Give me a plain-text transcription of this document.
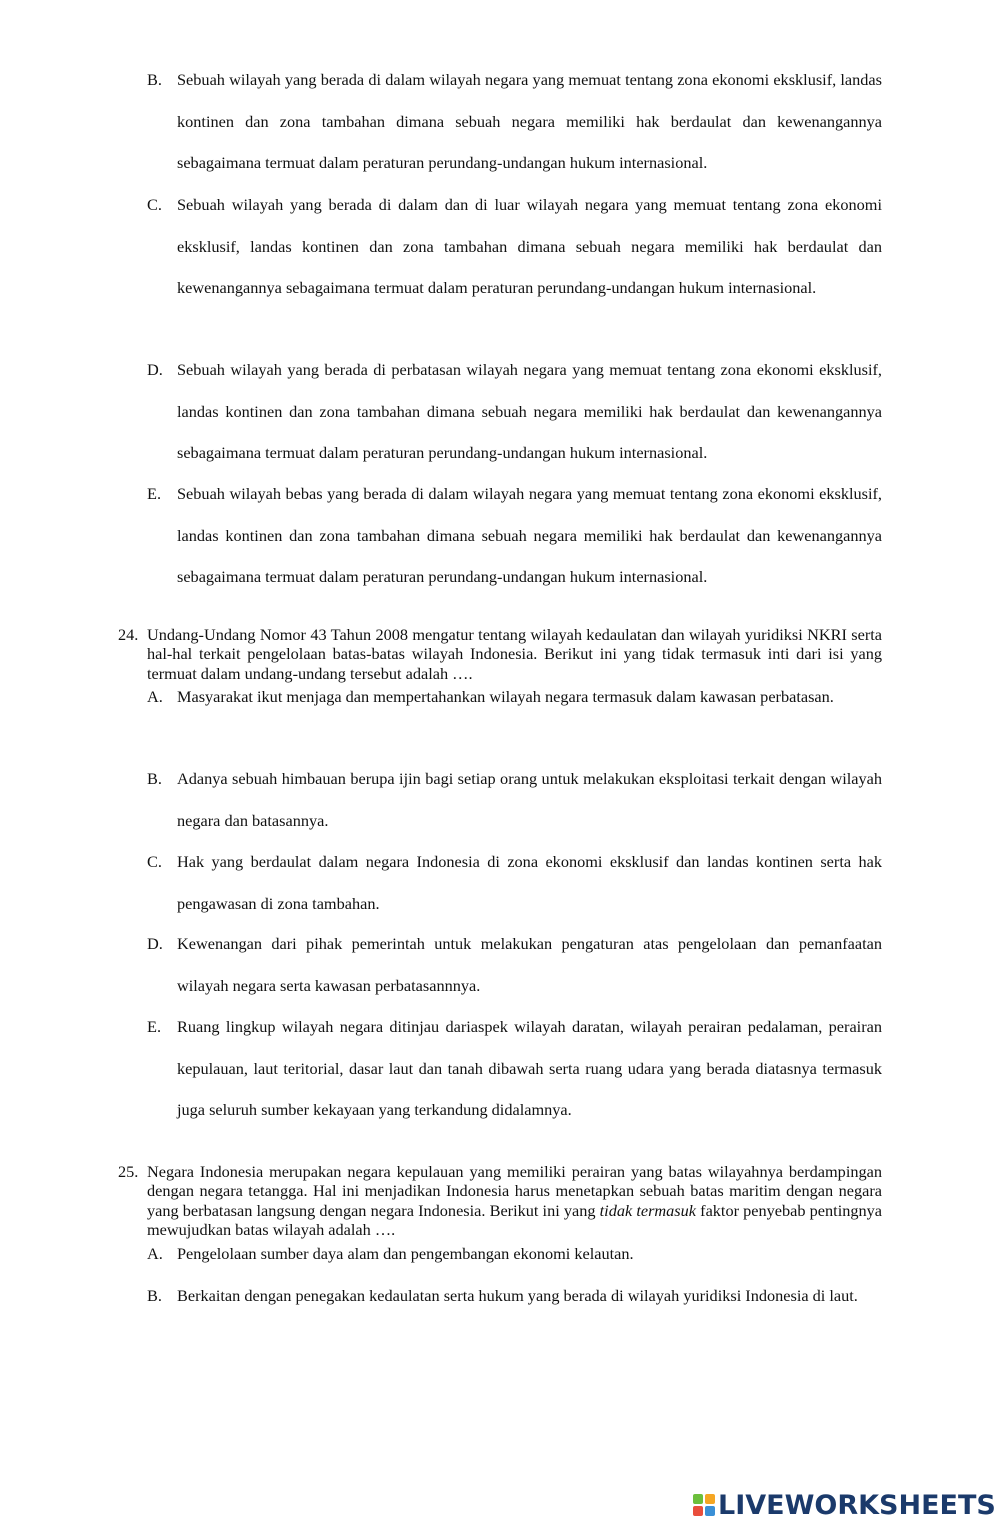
B. Sebuah wilayah yang berada di dalam wilayah negara yang memuat tentang zona ekonomi eksklusif, landas kontinen dan zona tambahan dimana sebuah negara memiliki hak berdaulat dan kewenangannya sebagaimana termuat dalam peraturan perundang-undangan hukum internasional.
C. Sebuah wilayah yang berada di dalam dan di luar wilayah negara yang memuat tentang zona ekonomi eksklusif, landas kontinen dan zona tambahan dimana sebuah negara memiliki hak berdaulat dan kewenangannya sebagaimana termuat dalam peraturan perundang-undangan hukum internasional.
D. Sebuah wilayah yang berada di perbatasan wilayah negara yang memuat tentang zona ekonomi eksklusif, landas kontinen dan zona tambahan dimana sebuah negara memiliki hak berdaulat dan kewenangannya sebagaimana termuat dalam peraturan perundang-undangan hukum internasional.
E. Sebuah wilayah bebas yang berada di dalam wilayah negara yang memuat tentang zona ekonomi eksklusif, landas kontinen dan zona tambahan dimana sebuah negara memiliki hak berdaulat dan kewenangannya sebagaimana termuat dalam peraturan perundang-undangan hukum internasional.
24. Undang-Undang Nomor 43 Tahun 2008 mengatur tentang wilayah kedaulatan dan wilayah yuridiksi NKRI serta hal-hal terkait pengelolaan batas-batas wilayah Indonesia. Berikut ini yang tidak termasuk inti dari isi yang termuat dalam undang-undang tersebut adalah ….
A. Masyarakat ikut menjaga dan mempertahankan wilayah negara termasuk dalam kawasan perbatasan.
B. Adanya sebuah himbauan berupa ijin bagi setiap orang untuk melakukan eksploitasi terkait dengan wilayah negara dan batasannya.
C. Hak yang berdaulat dalam negara Indonesia di zona ekonomi eksklusif dan landas kontinen serta hak pengawasan di zona tambahan.
D. Kewenangan dari pihak pemerintah untuk melakukan pengaturan atas pengelolaan dan pemanfaatan wilayah negara serta kawasan perbatasannnya.
E. Ruang lingkup wilayah negara ditinjau dariaspek wilayah daratan, wilayah perairan pedalaman, perairan kepulauan, laut teritorial, dasar laut dan tanah dibawah serta ruang udara yang berada diatasnya termasuk juga seluruh sumber kekayaan yang terkandung didalamnya.
25. Negara Indonesia merupakan negara kepulauan yang memiliki perairan yang batas wilayahnya berdampingan dengan negara tetangga. Hal ini menjadikan Indonesia harus menetapkan sebuah batas maritim dengan negara yang berbatasan langsung dengan negara Indonesia. Berikut ini yang tidak termasuk faktor penyebab pentingnya mewujudkan batas wilayah adalah ….
A. Pengelolaan sumber daya alam dan pengembangan ekonomi kelautan.
B. Berkaitan dengan penegakan kedaulatan serta hukum yang berada di wilayah yuridiksi Indonesia di laut.
LIVEWORKSHEETS
